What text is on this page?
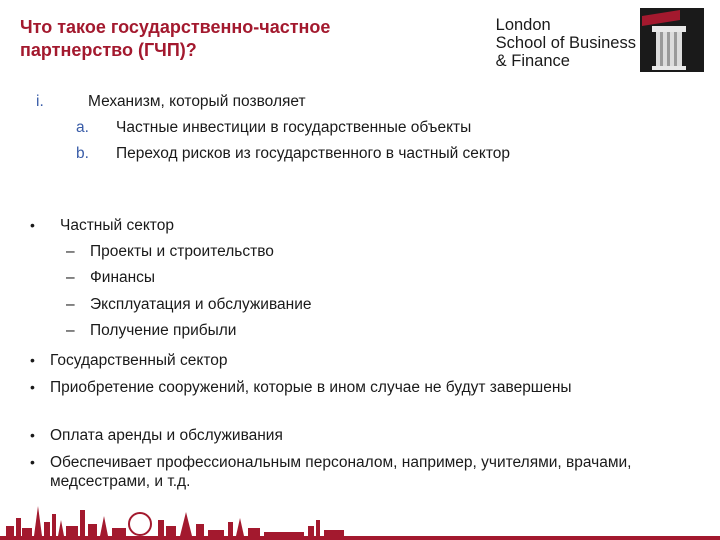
Что такое государственно-частное партнерство (ГЧП)?
London
School of Business
& Finance
i.	Механизм, который позволяет
a. Частные инвестиции в государственные объекты
b. Переход рисков из государственного в частный сектор
• Частный сектор
– Проекты и строительство
– Финансы
– Эксплуатация и обслуживание
– Получение прибыли
• Государственный сектор
• Приобретение сооружений, которые в ином случае не будут завершены
• Оплата аренды и обслуживания
• Обеспечивает профессиональным персоналом, например, учителями, врачами, медсестрами, и т.д.
